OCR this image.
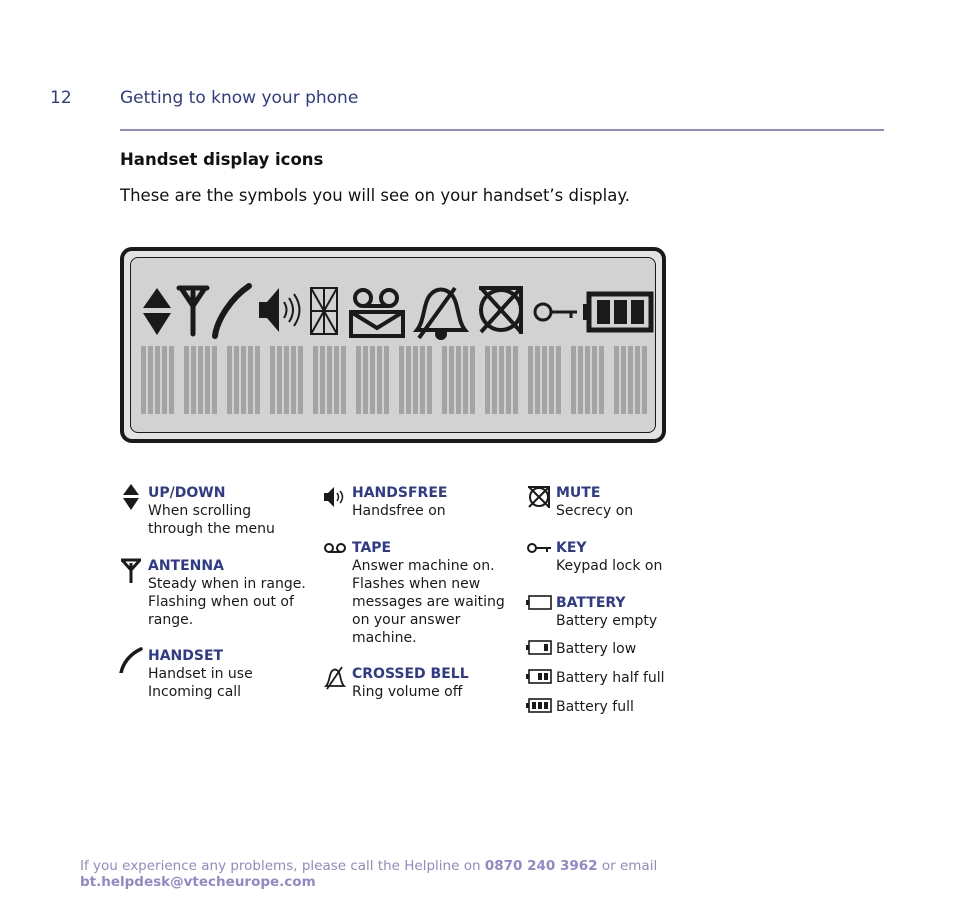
12	Getting to know your phone
Handset display icons
These are the symbols you will see on your handset’s display.
UP/DOWN
When scrolling
through the menu
ANTENNA
Steady when in range.
Flashing when out of
range.
HANDSET
Handset in use
Incoming call
HANDSFREE
Handsfree on
TAPE
Answer machine on.
Flashes when new
messages are waiting
on your answer
machine.
CROSSED BELL
Ring volume off
MUTE
Secrecy on
KEY
Keypad lock on
BATTERY
Battery empty
Battery low
Battery half full
Battery full
If you experience any problems, please call the Helpline on 0870 240 3962 or email bt.helpdesk@vtecheurope.com
